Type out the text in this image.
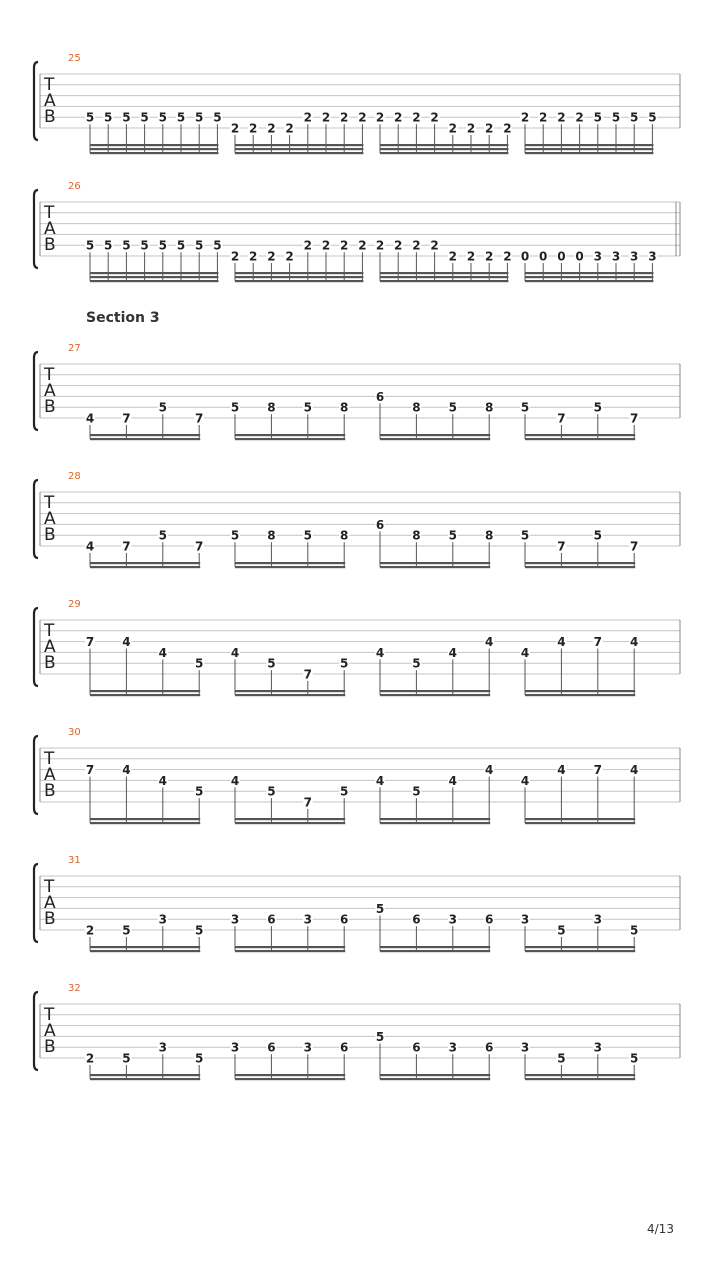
25
T
A
B	5 5 5 5 5 5 5 5
2 2 2 2
2 2 2 2 2 2 2 2
2 2 2 2
2 2 2 2 5 5 5 5
26
T
A
B	5 5 5 5 5 5 5 5
2 2 2 2
2 2 2 2 2 2 2 2
2 2 2 2 0 0 0 0 3 3 3 3
27
T
A
B
4 7
5
7
5 8 5 8
6
8 5 8 5
7
5
7
28
T
A
B
4 7
5
7
5 8 5 8
6
8 5 8 5
7
5
7
29
T
A
B
7 4
4
5
4
5
7
5
4
5
4
4
4
4 7 4
30
T
A
B
7 4
4
5
4
5
7
5
4
5
4
4
4
4 7 4
31
T
A
B
2 5
3
5
3 6 3 6
5
6 3 6 3
5
3
5
32
T
A
B
2 5
3
5
3 6 3 6
5
6 3 6 3
5
3
5
Section 3
4/13
